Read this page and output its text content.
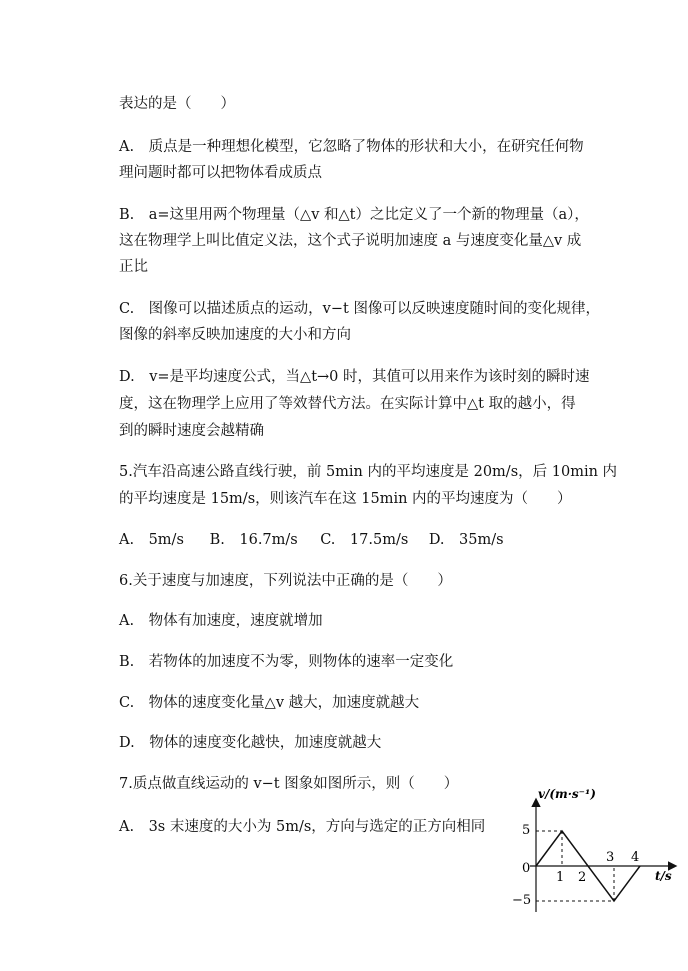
表达的是（　　）
A.　质点是一种理想化模型，它忽略了物体的形状和大小，在研究任何物
理问题时都可以把物体看成质点
B.　a=这里用两个物理量（△v 和△t）之比定义了一个新的物理量（a），
这在物理学上叫比值定义法，这个式子说明加速度 a 与速度变化量△v 成
正比
C.　图像可以描述质点的运动，v−t 图像可以反映速度随时间的变化规律，
图像的斜率反映加速度的大小和方向
D.　v=是平均速度公式，当△t→0 时，其值可以用来作为该时刻的瞬时速
度，这在物理学上应用了等效替代方法。在实际计算中△t 取的越小，得
到的瞬时速度会越精确
5.汽车沿高速公路直线行驶，前 5min 内的平均速度是 20m/s，后 10min 内
的平均速度是 15m/s，则该汽车在这 15min 内的平均速度为（　　）
A.　5m/s B.　16.7m/s C.　17.5m/s D.　35m/s
6.关于速度与加速度，下列说法中正确的是（　　）
A.　物体有加速度，速度就增加
B.　若物体的加速度不为零，则物体的速率一定变化
C.　物体的速度变化量△v 越大，加速度就越大
D.　物体的速度变化越快，加速度就越大
7.质点做直线运动的 v−t 图象如图所示，则（　　）
A.　3s 末速度的大小为 5m/s，方向与选定的正方向相同
v/(m·s⁻¹)
t/s
5
0
−5
1 2
3 4
